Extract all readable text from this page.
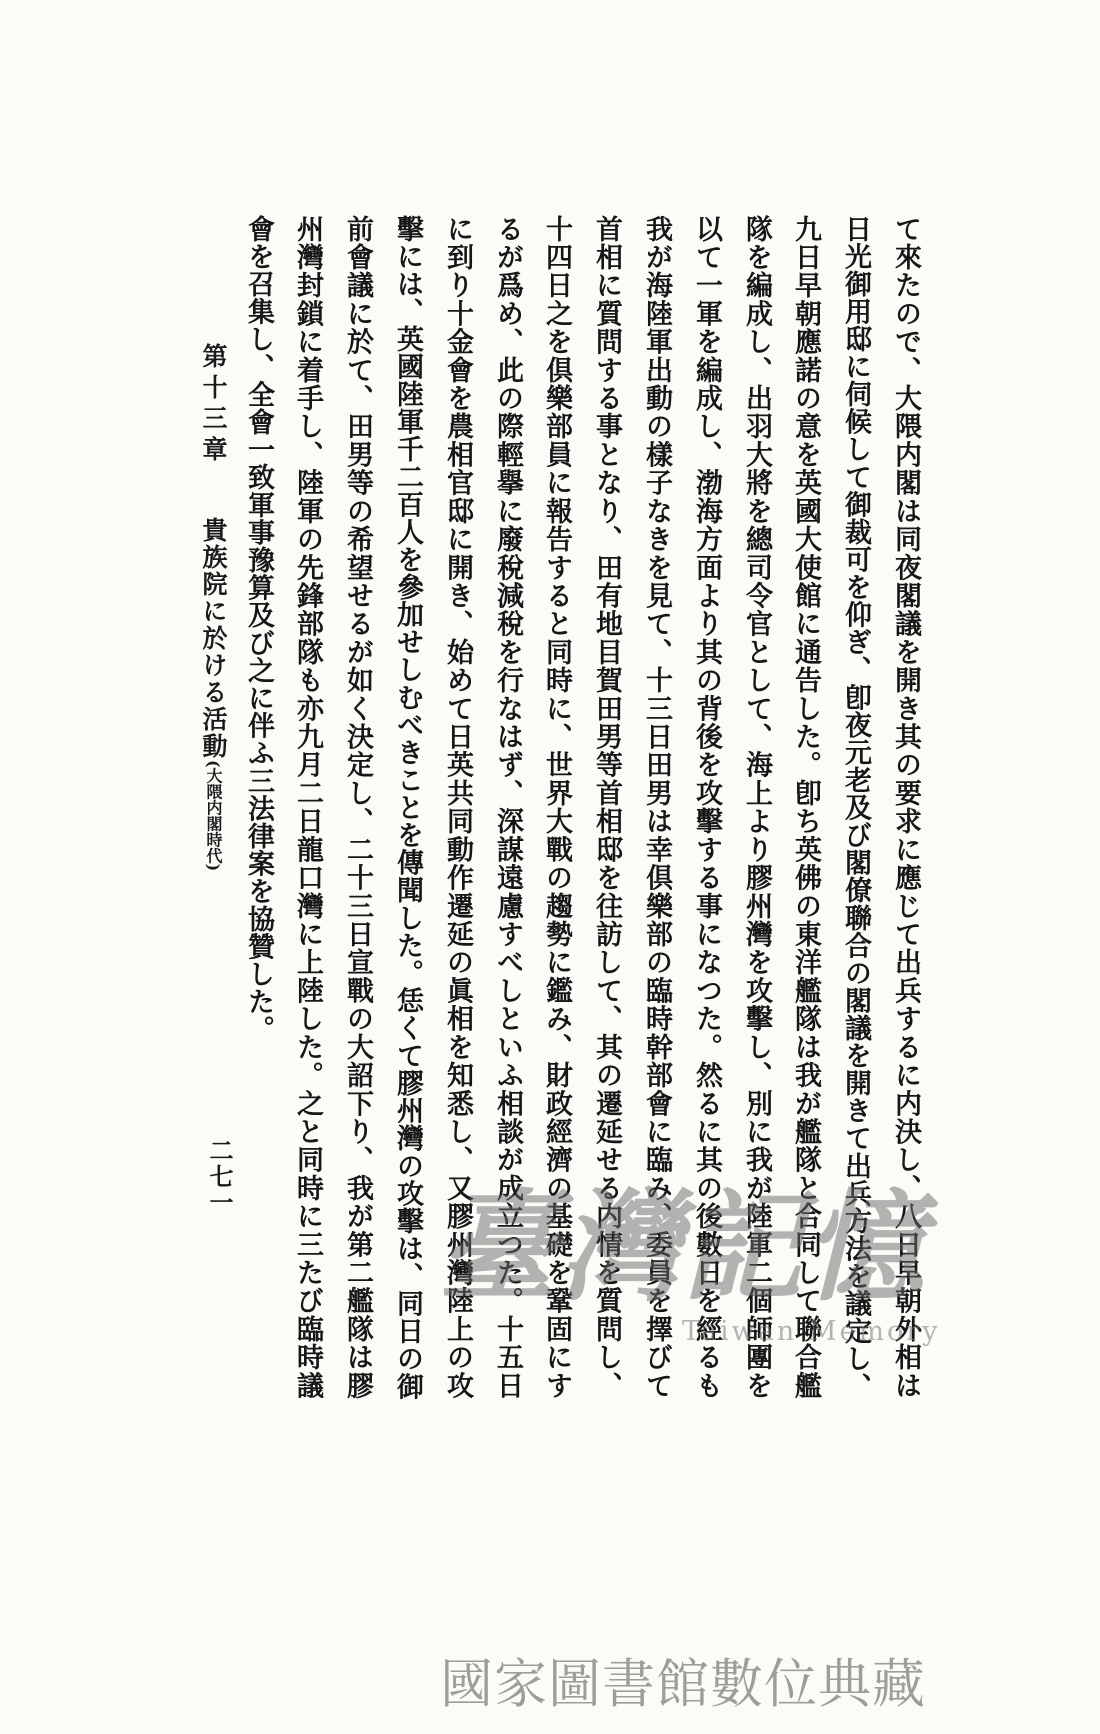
て來たので、大隈内閣は同夜閣議を開き其の要求に應じて出兵するに内決し、八日早朝外相は
日光御用邸に伺候して御裁可を仰ぎ、卽夜元老及び閣僚聯合の閣議を開きて出兵方法を議定し、
九日早朝應諾の意を英國大使館に通告した。卽ち英佛の東洋艦隊は我が艦隊と合同して聯合艦
隊を編成し、出羽大將を總司令官として、海上より膠州灣を攻擊し、別に我が陸軍二個師團を
以て一軍を編成し、渤海方面より其の背後を攻擊する事になつた。然るに其の後數日を經るも
我が海陸軍出動の樣子なきを見て、十三日田男は幸倶樂部の臨時幹部會に臨み、委員を擇びて
首相に質問する事となり、田有地目賀田男等首相邸を往訪して、其の遷延せる内情を質問し、
十四日之を倶樂部員に報告すると同時に、世界大戰の趨勢に鑑み、財政經濟の基礎を鞏固にす
るが爲め、此の際輕擧に廢稅減稅を行なはず、深謀遠慮すべしといふ相談が成立つた。十五日
に到り十金會を農相官邸に開き、始めて日英共同動作遷延の眞相を知悉し、又膠州灣陸上の攻
擊には、英國陸軍千二百人を參加せしむべきことを傳聞した。恁くて膠州灣の攻擊は、同日の御
前會議に於て、田男等の希望せるが如く決定し、二十三日宣戰の大詔下り、我が第二艦隊は膠
州灣封鎖に着手し、陸軍の先鋒部隊も亦九月二日龍口灣に上陸した。之と同時に三たび臨時議
會を召集し、全會一致軍事豫算及び之に伴ふ三法律案を協贊した。
第十三章貴族院に於ける活動(大隈内閣時代)
二七一 臺灣記憶
Taiwan Memory
國家圖書館數位典藏
